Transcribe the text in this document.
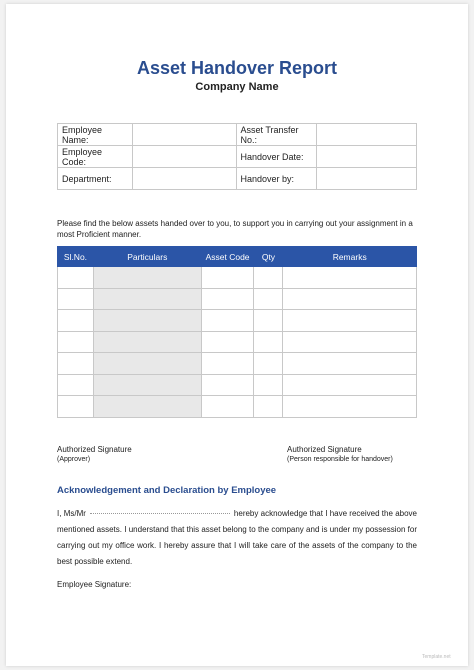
Asset Handover Report
Company Name
Employee Name:		Asset Transfer No.:	
Employee Code:		Handover Date:	
Department:		Handover by:	
Please find the below assets handed over to you, to support you in carrying out your assignment in a most Proficient manner.
Sl.No.	Particulars	Asset Code	Qty	Remarks

Authorized Signature
(Approver)
Authorized Signature
(Person responsible for handover)
Acknowledgement and Declaration by Employee
I, Ms/Mr	hereby acknowledge that I have received the above mentioned assets. I understand that this asset belong to the company and is under my possession for carrying out my office work. I hereby assure that I will take care of the assets of the company to the best possible extend.
Employee Signature:
Template.net
